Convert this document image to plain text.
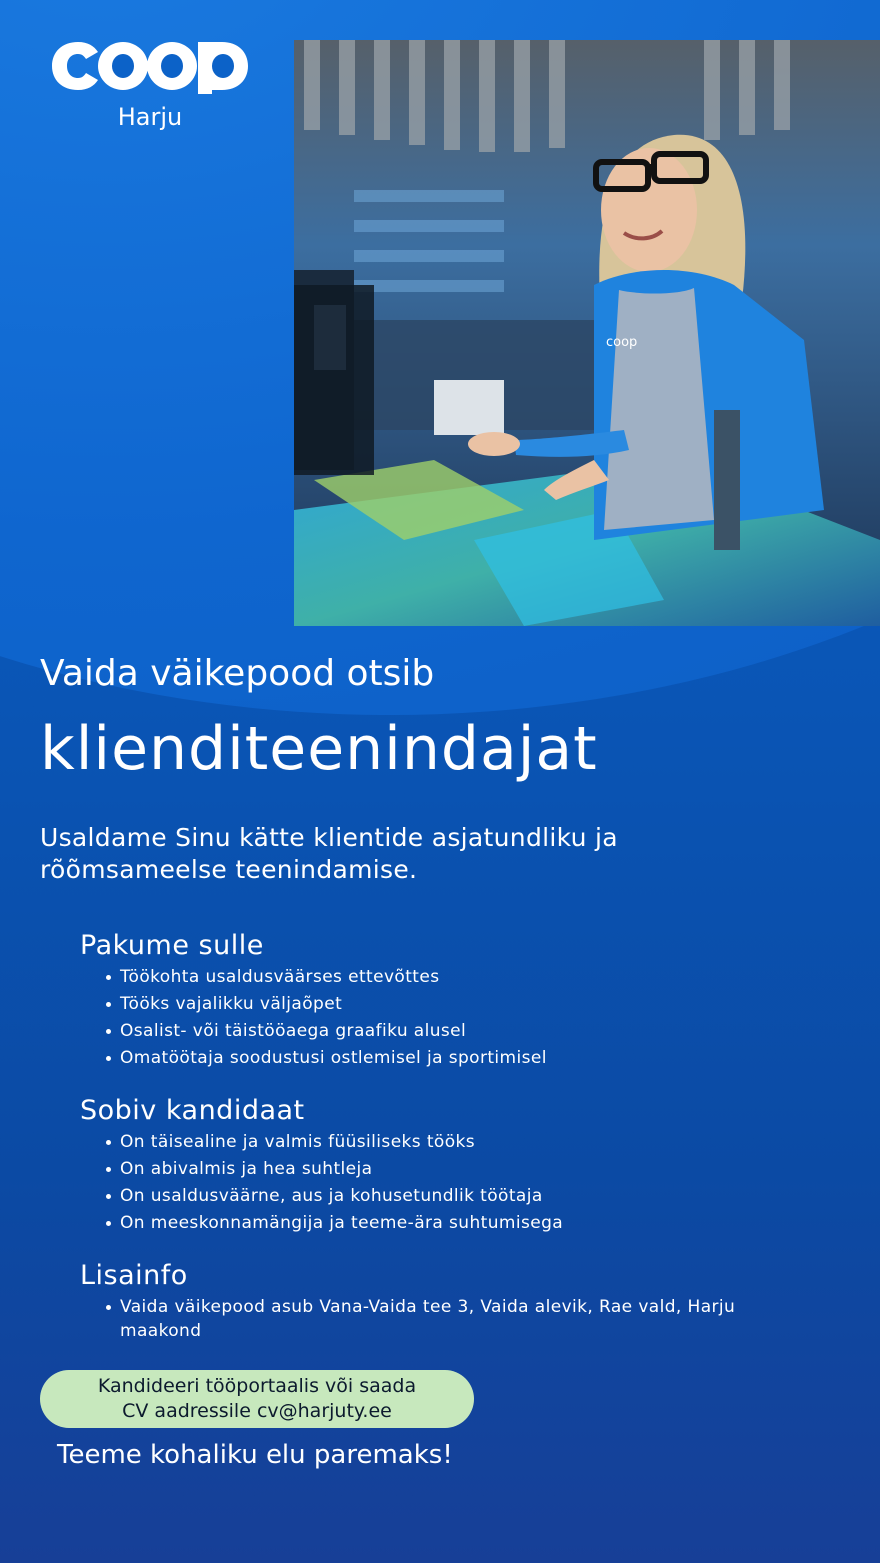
Harju
coop
Vaida väikepood otsib
klienditeenindajat
Usaldame Sinu kätte klientide asjatundliku ja rõõmsameelse teenindamise.
Pakume sulle
Töökohta usaldusväärses ettevõttes
Tööks vajalikku väljaõpet
Osalist- või täistööaega graafiku alusel
Omatöötaja soodustusi ostlemisel ja sportimisel
Sobiv kandidaat
On täisealine ja valmis füüsiliseks tööks
On abivalmis ja hea suhtleja
On usaldusväärne, aus ja kohusetundlik töötaja
On meeskonnamängija ja teeme-ära suhtumisega
Lisainfo
Vaida väikepood asub Vana-Vaida tee 3, Vaida alevik, Rae vald, Harju maakond
Kandideeri tööportaalis või saada
CV aadressile cv@harjuty.ee
Teeme kohaliku elu paremaks!
